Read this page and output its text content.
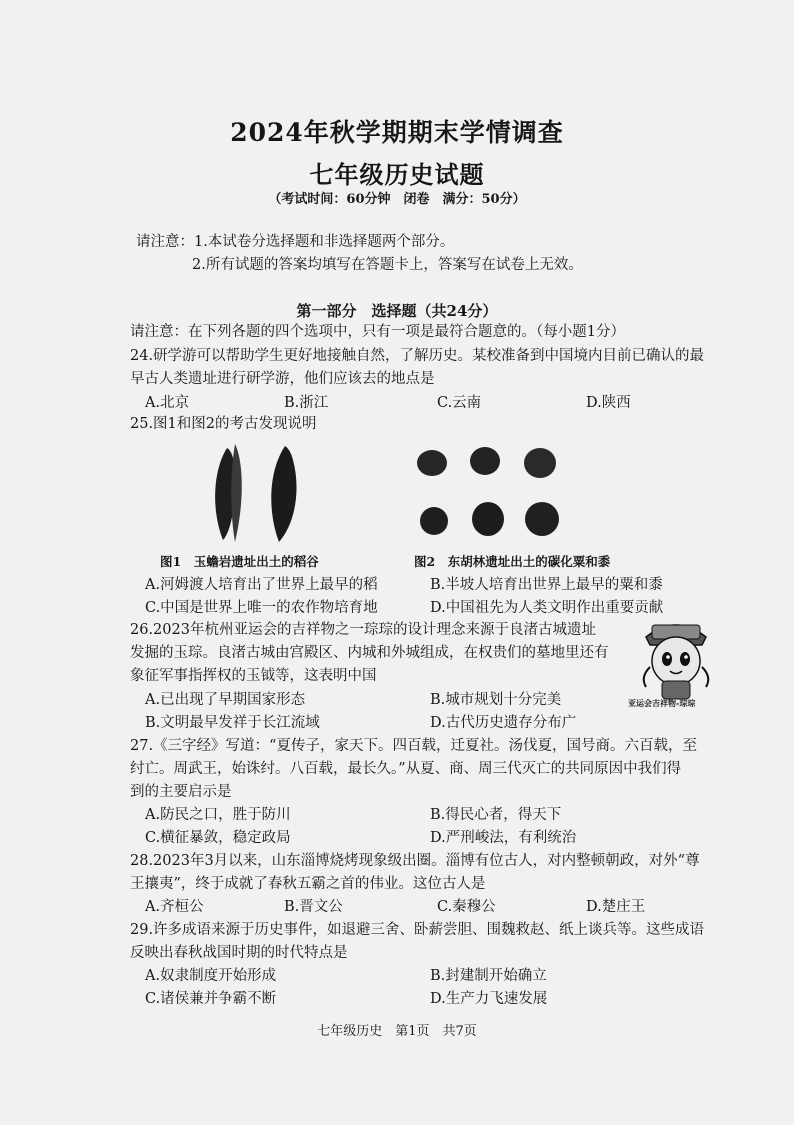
2024年秋学期期末学情调查
七年级历史试题
（考试时间：60分钟　闭卷　满分：50分）
请注意：1.本试卷分选择题和非选择题两个部分。
2.所有试题的答案均填写在答题卡上，答案写在试卷上无效。
第一部分　选择题（共24分）
请注意：在下列各题的四个选项中，只有一项是最符合题意的。（每小题1分）
24.研学游可以帮助学生更好地接触自然，了解历史。某校准备到中国境内目前已确认的最
早古人类遗址进行研学游，他们应该去的地点是
A.北京	B.浙江	C.云南	D.陕西
25.图1和图2的考古发现说明
图1　玉蟾岩遗址出土的稻谷	图2　东胡林遗址出土的碳化粟和黍
A.河姆渡人培育出了世界上最早的稻	B.半坡人培育出世界上最早的粟和黍
C.中国是世界上唯一的农作物培育地	D.中国祖先为人类文明作出重要贡献
26.2023年杭州亚运会的吉祥物之一琮琮的设计理念来源于良渚古城遗址
发掘的玉琮。良渚古城由宫殿区、内城和外城组成，在权贵们的墓地里还有
象征军事指挥权的玉钺等，这表明中国
亚运会吉祥物-琮琮
A.已出现了早期国家形态	B.城市规划十分完美
B.文明最早发祥于长江流域	D.古代历史遗存分布广
27.《三字经》写道：“夏传子，家天下。四百载，迁夏社。汤伐夏，国号商。六百载，至
纣亡。周武王，始诛纣。八百载，最长久。”从夏、商、周三代灭亡的共同原因中我们得
到的主要启示是
A.防民之口，胜于防川	B.得民心者，得天下
C.横征暴敛，稳定政局	D.严刑峻法，有利统治
28.2023年3月以来，山东淄博烧烤现象级出圈。淄博有位古人，对内整顿朝政，对外“尊
王攘夷”，终于成就了春秋五霸之首的伟业。这位古人是
A.齐桓公	B.晋文公	C.秦穆公	D.楚庄王
29.许多成语来源于历史事件，如退避三舍、卧薪尝胆、围魏救赵、纸上谈兵等。这些成语
反映出春秋战国时期的时代特点是
A.奴隶制度开始形成	B.封建制开始确立
C.诸侯兼并争霸不断	D.生产力飞速发展
七年级历史　第1页　共7页
